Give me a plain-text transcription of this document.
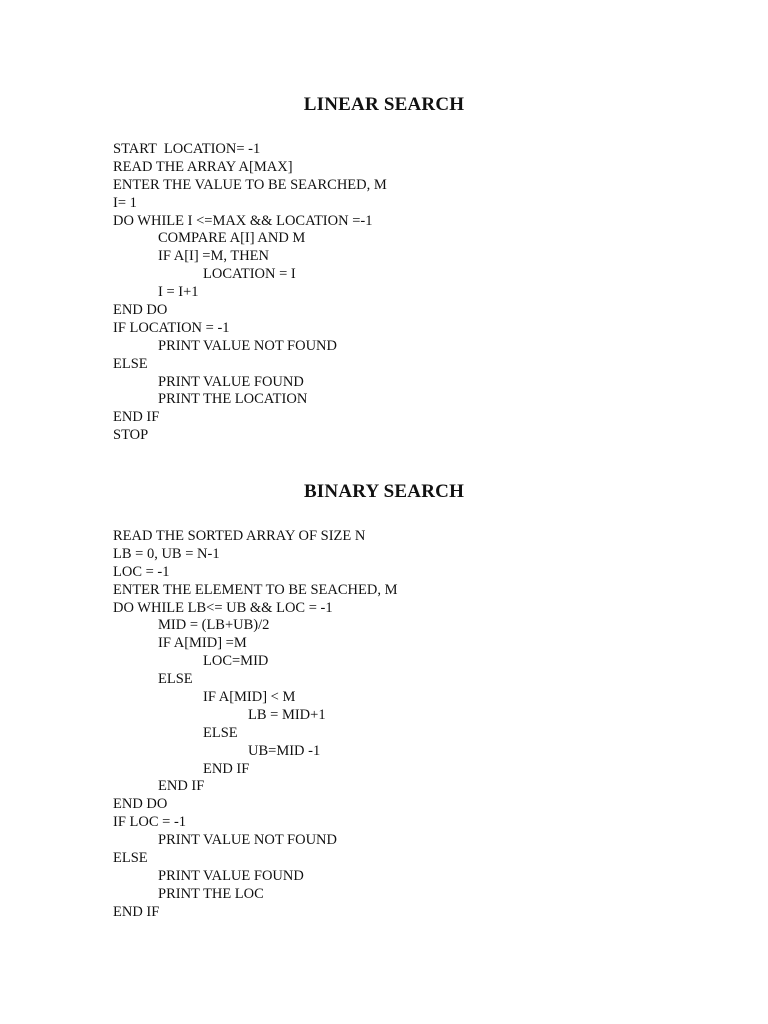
LINEAR SEARCH
START  LOCATION= -1
READ THE ARRAY A[MAX]
ENTER THE VALUE TO BE SEARCHED, M
I= 1
DO WHILE I <=MAX && LOCATION =-1
COMPARE A[I] AND M
IF A[I] =M, THEN
LOCATION = I
I = I+1
END DO
IF LOCATION = -1
PRINT VALUE NOT FOUND
ELSE
PRINT VALUE FOUND
PRINT THE LOCATION
END IF
STOP
BINARY SEARCH
READ THE SORTED ARRAY OF SIZE N
LB = 0, UB = N-1
LOC = -1
ENTER THE ELEMENT TO BE SEACHED, M
DO WHILE LB<= UB && LOC = -1
MID = (LB+UB)/2
IF A[MID] =M
LOC=MID
ELSE
IF A[MID] < M
LB = MID+1
ELSE
UB=MID -1
END IF
END IF
END DO
IF LOC = -1
PRINT VALUE NOT FOUND
ELSE
PRINT VALUE FOUND
PRINT THE LOC
END IF
